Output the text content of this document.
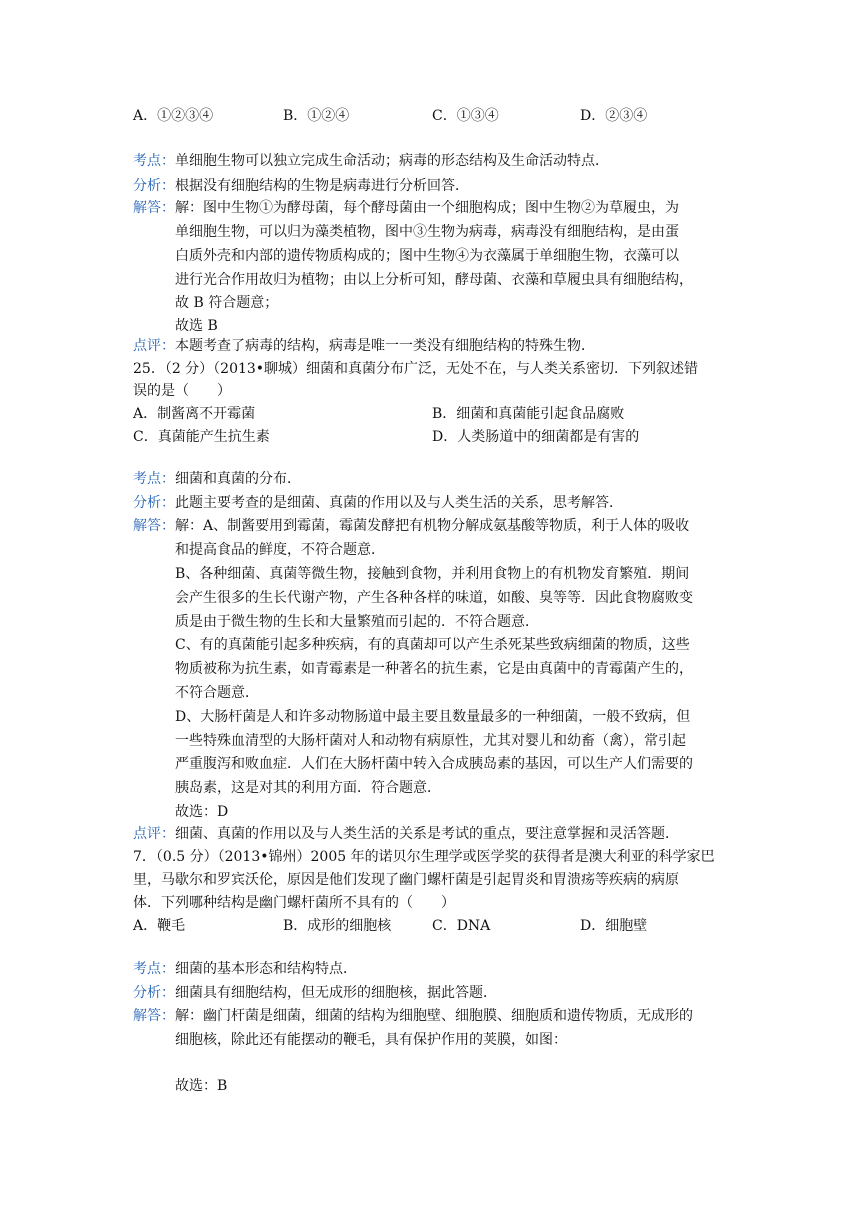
A．①②③④	B．①②④	C．①③④	D．②③④
考点：单细胞生物可以独立完成生命活动；病毒的形态结构及生命活动特点．
分析：根据没有细胞结构的生物是病毒进行分析回答．
解答： 解：图中生物①为酵母菌，每个酵母菌由一个细胞构成；图中生物②为草履虫，为
单细胞生物，可以归为藻类植物，图中③生物为病毒，病毒没有细胞结构，是由蛋
白质外壳和内部的遗传物质构成的；图中生物④为衣藻属于单细胞生物，衣藻可以
进行光合作用故归为植物；由以上分析可知，酵母菌、衣藻和草履虫具有细胞结构，
故 B 符合题意；
故选 B
点评：本题考查了病毒的结构，病毒是唯一一类没有细胞结构的特殊生物．
25．（2 分）（2013•聊城）细菌和真菌分布广泛，无处不在，与人类关系密切．下列叙述错
误的是（　　）
A．制酱离不开霉菌	B．细菌和真菌能引起食品腐败
C．真菌能产生抗生素	D．人类肠道中的细菌都是有害的
考点：细菌和真菌的分布．
分析：此题主要考查的是细菌、真菌的作用以及与人类生活的关系，思考解答．
解答： 解：A、制酱要用到霉菌，霉菌发酵把有机物分解成氨基酸等物质，利于人体的吸收
和提高食品的鲜度，不符合题意．
B、各种细菌、真菌等微生物，接触到食物，并利用食物上的有机物发育繁殖．期间
会产生很多的生长代谢产物，产生各种各样的味道，如酸、臭等等．因此食物腐败变
质是由于微生物的生长和大量繁殖而引起的．不符合题意．
C、有的真菌能引起多种疾病，有的真菌却可以产生杀死某些致病细菌的物质，这些
物质被称为抗生素，如青霉素是一种著名的抗生素，它是由真菌中的青霉菌产生的，
不符合题意．
D、大肠杆菌是人和许多动物肠道中最主要且数量最多的一种细菌，一般不致病，但
一些特殊血清型的大肠杆菌对人和动物有病原性，尤其对婴儿和幼畜（禽），常引起
严重腹泻和败血症．人们在大肠杆菌中转入合成胰岛素的基因，可以生产人们需要的
胰岛素，这是对其的利用方面．符合题意．
故选：D
点评：细菌、真菌的作用以及与人类生活的关系是考试的重点，要注意掌握和灵活答题．
7．（0.5 分）（2013•锦州）2005 年的诺贝尔生理学或医学奖的获得者是澳大利亚的科学家巴
里，马歇尔和罗宾沃伦，原因是他们发现了幽门螺杆菌是引起胃炎和胃溃疡等疾病的病原
体．下列哪种结构是幽门螺杆菌所不具有的（　　）
A．鞭毛	B．成形的细胞核	C．DNA	D．细胞壁
考点：细菌的基本形态和结构特点．
分析：细菌具有细胞结构，但无成形的细胞核，据此答题．
解答： 解：幽门杆菌是细菌，细菌的结构为细胞壁、细胞膜、细胞质和遗传物质，无成形的
细胞核，除此还有能摆动的鞭毛，具有保护作用的荚膜，如图：
故选：B
